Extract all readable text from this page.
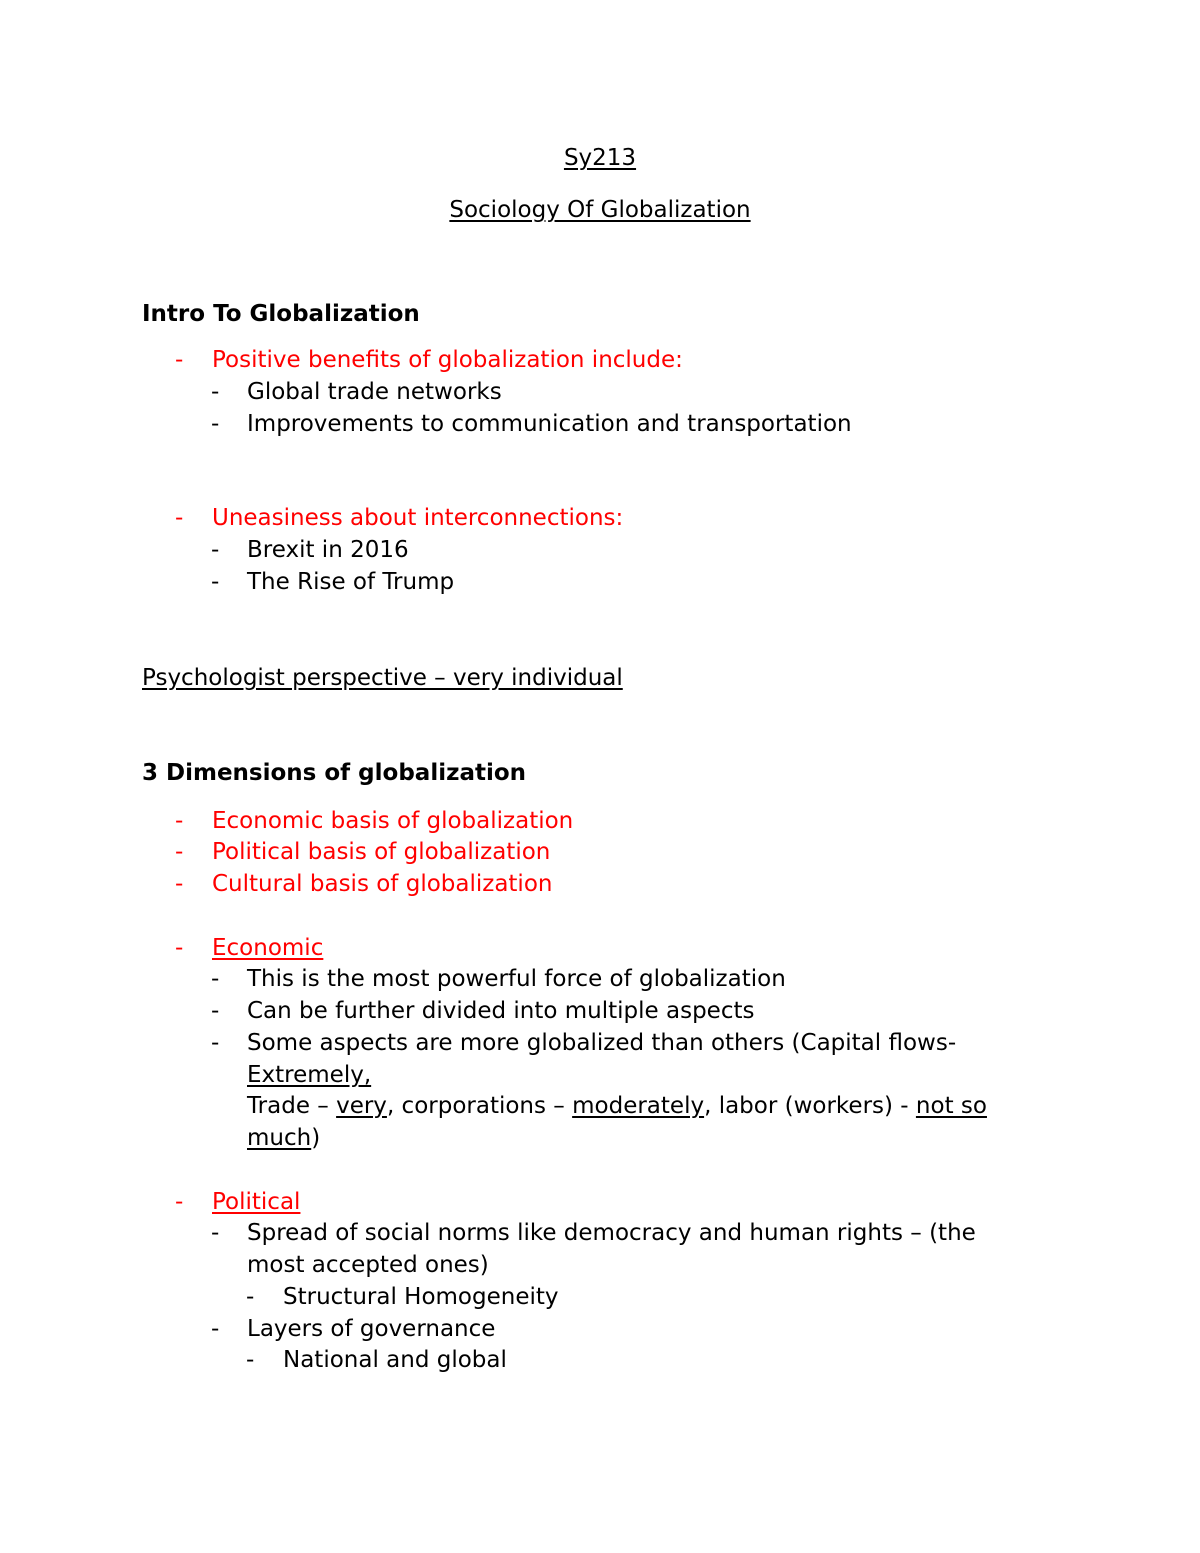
Sy213
Sociology Of Globalization
Intro To Globalization
- Positive benefits of globalization include:
- Global trade networks
- Improvements to communication and transportation
- Uneasiness about interconnections:
- Brexit in 2016
- The Rise of Trump
Psychologist perspective – very individual
3 Dimensions of globalization
- Economic basis of globalization
- Political basis of globalization
- Cultural basis of globalization
- Economic
- This is the most powerful force of globalization
- Can be further divided into multiple aspects
- Some aspects are more globalized than others (Capital flows-
Extremely,
Trade – very, corporations – moderately, labor (workers) - not so
much)
- Political
- Spread of social norms like democracy and human rights – (the
most accepted ones)
- Structural Homogeneity
- Layers of governance
- National and global
